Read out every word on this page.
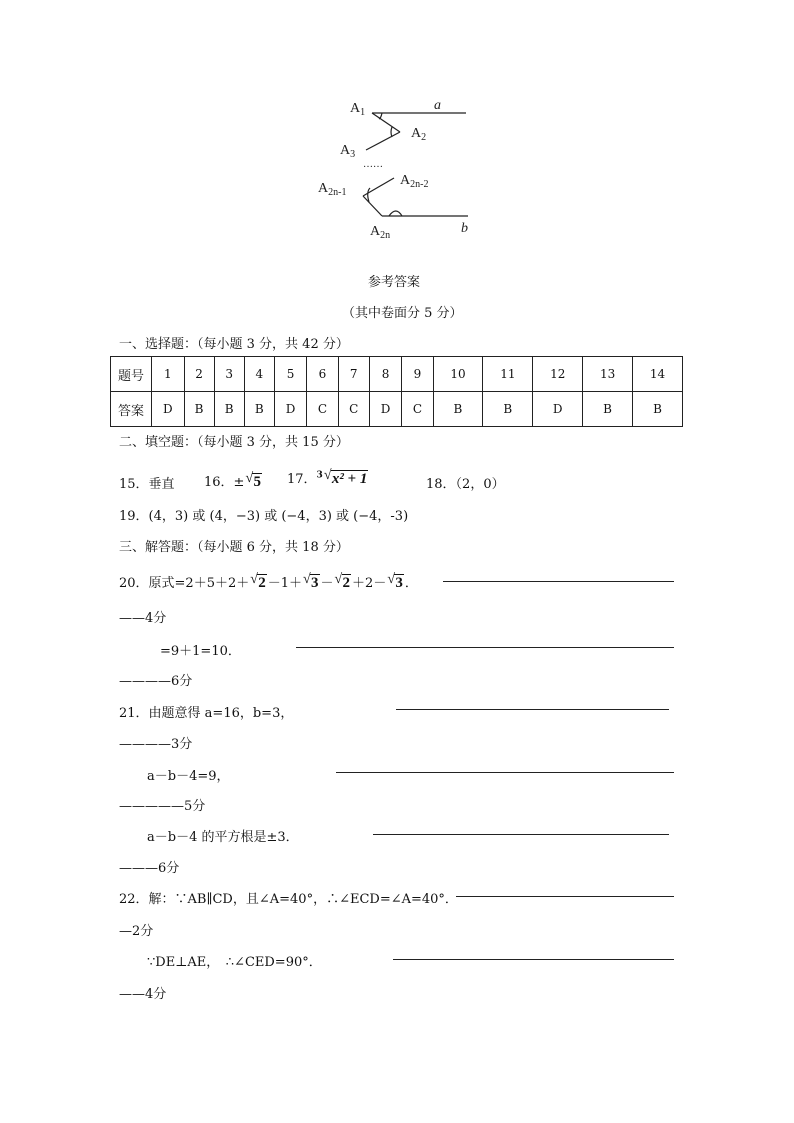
$A_1$	a
$A_2$
$A_3$
……
$A_{2n-2}$
$A_{2n-1}$
$A_{2n}$	b
参考答案
（其中卷面分 5 分）
一、选择题：（每小题 3 分，共 42 分）
题号	1	2	3	4	5	6	7	8	9	10	11	12	13	14
答案	D	B	B	B	D	C	C	D	C	B	B	D	B	B
二、填空题：（每小题 3 分，共 15 分）
15．垂直 16．± √ 5 17．$^3$ √ x² + 1	18．（2，0）
19．(4，3) 或 (4，−3) 或 (−4，3) 或 (−4，-3)
三、解答题：（每小题 6 分，共 18 分）
20．原式=2＋5＋2＋ √ 2 －1＋ √ 3 － √ 2 ＋2－ √ 3 ．
——4分
=9＋1=10．
————6分
21．由题意得 a=16，b=3，
————3分
a－b－4=9，
—————5分
a－b－4 的平方根是±3．
———6分
22．解：∵AB∥CD，且∠A=40°，∴∠ECD=∠A=40°．
—2分
∵DE⊥AE，　∴∠CED=90°．
——4分
